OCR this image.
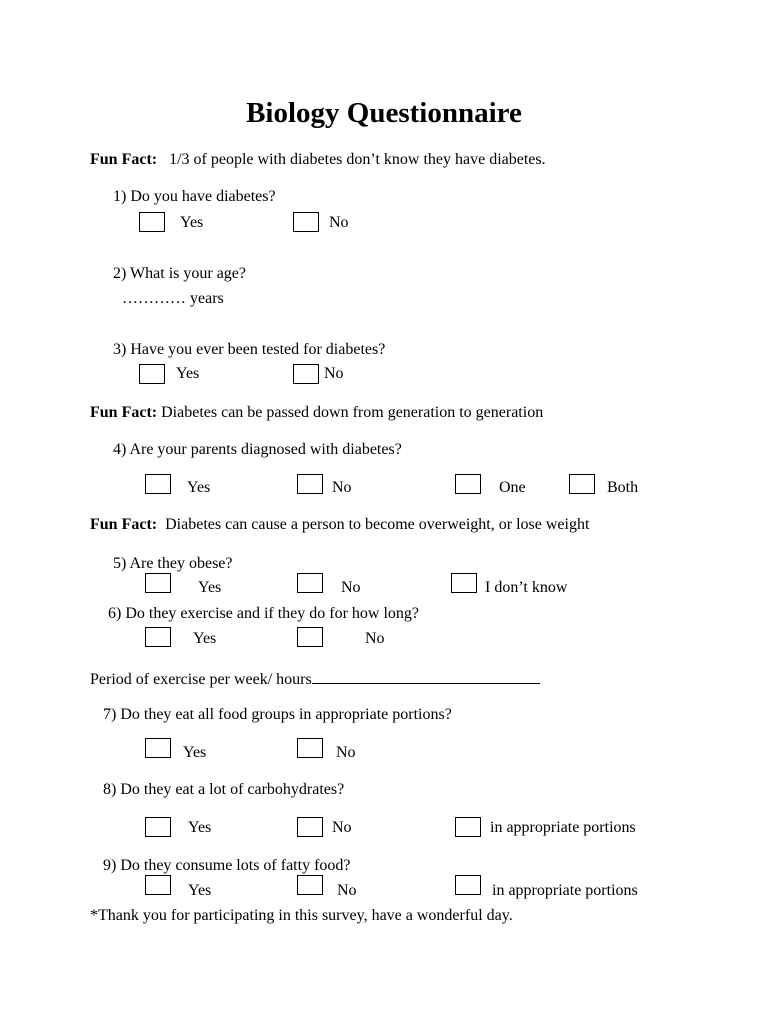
Biology Questionnaire
Fun Fact: 1/3 of people with diabetes don’t know they have diabetes.
1) Do you have diabetes?
Yes	No
2) What is your age?
………… years
3) Have you ever been tested for diabetes?
Yes	No
Fun Fact: Diabetes can be passed down from generation to generation
4) Are your parents diagnosed with diabetes?
Yes	No	One	Both
Fun Fact: Diabetes can cause a person to become overweight, or lose weight
5) Are they obese?
Yes	No	I don’t know
6) Do they exercise and if they do for how long?
Yes	No
Period of exercise per week/ hours
7) Do they eat all food groups in appropriate portions?
Yes	No
8) Do they eat a lot of carbohydrates?
Yes	No	in appropriate portions
9) Do they consume lots of fatty food?
Yes	No	in appropriate portions
*Thank you for participating in this survey, have a wonderful day.
